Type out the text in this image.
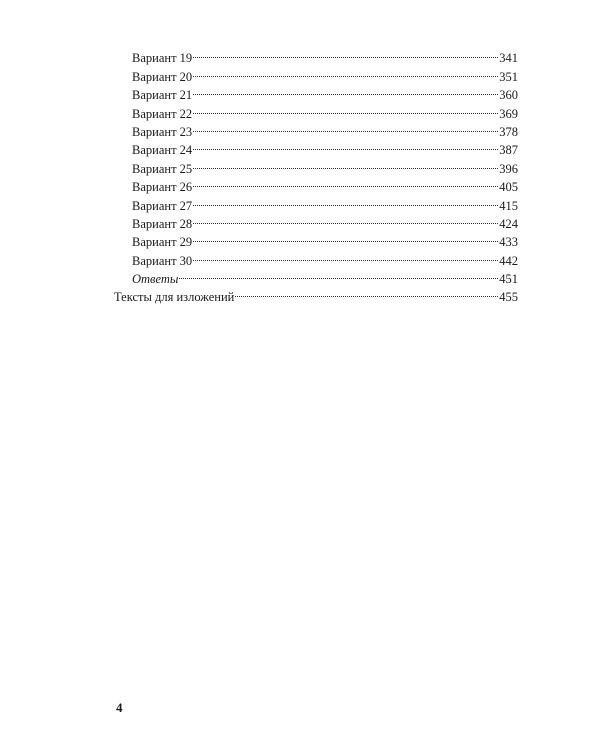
Вариант 19	341
Вариант 20	351
Вариант 21	360
Вариант 22	369
Вариант 23	378
Вариант 24	387
Вариант 25	396
Вариант 26	405
Вариант 27	415
Вариант 28	424
Вариант 29	433
Вариант 30	442
Ответы	451
Тексты для изложений	455
4
